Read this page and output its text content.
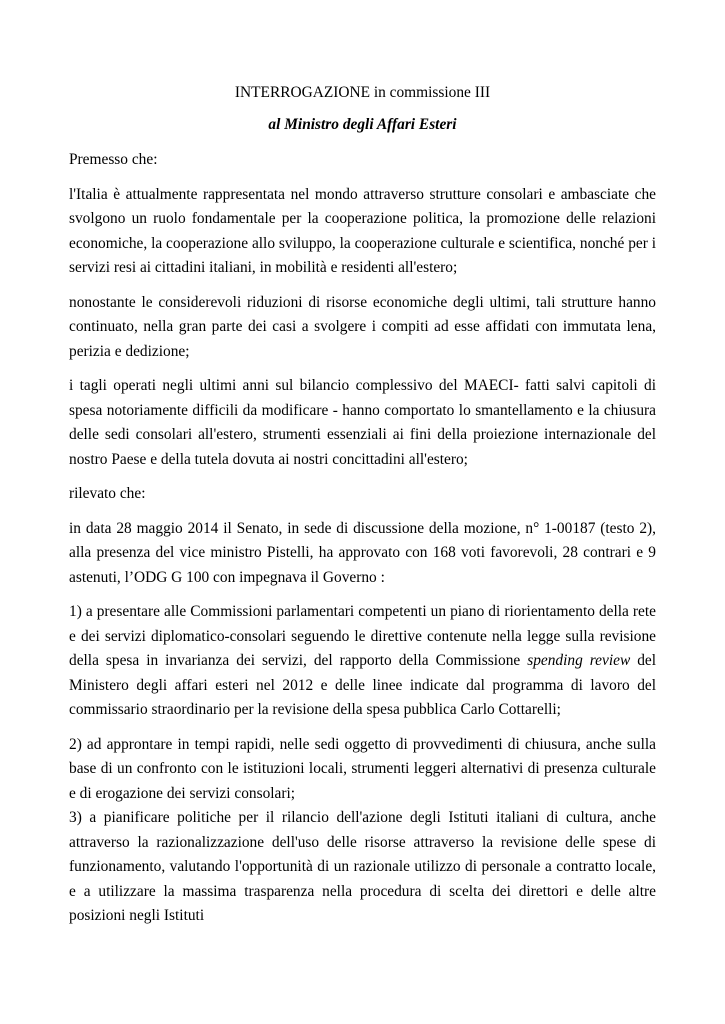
INTERROGAZIONE in commissione III

al Ministro degli Affari Esteri

Premesso che:

l'Italia è attualmente rappresentata nel mondo attraverso strutture consolari e ambasciate che svolgono un ruolo fondamentale per la cooperazione politica, la promozione delle relazioni economiche, la cooperazione allo sviluppo, la cooperazione culturale e scientifica, nonché per i servizi resi ai cittadini italiani, in mobilità e residenti all'estero;

nonostante le considerevoli riduzioni di risorse economiche degli ultimi, tali strutture hanno continuato, nella gran parte dei casi a svolgere i compiti ad esse affidati con immutata lena, perizia e dedizione;

i tagli operati negli ultimi anni sul bilancio complessivo del MAECI- fatti salvi capitoli di spesa notoriamente difficili da modificare - hanno comportato lo smantellamento e la chiusura delle sedi consolari all'estero, strumenti essenziali ai fini della proiezione internazionale del nostro Paese e della tutela dovuta ai nostri concittadini all'estero;

rilevato che:

in data 28 maggio 2014 il Senato, in sede di discussione della mozione, n° 1-00187 (testo 2), alla presenza del vice ministro Pistelli, ha approvato con 168 voti favorevoli, 28 contrari e 9 astenuti, l’ODG G 100 con impegnava il Governo :

1) a presentare alle Commissioni parlamentari competenti un piano di riorientamento della rete e dei servizi diplomatico-consolari seguendo le direttive contenute nella legge sulla revisione della spesa in invarianza dei servizi, del rapporto della Commissione spending review del Ministero degli affari esteri nel 2012 e delle linee indicate dal programma di lavoro del commissario straordinario per la revisione della spesa pubblica Carlo Cottarelli;

2) ad approntare in tempi rapidi, nelle sedi oggetto di provvedimenti di chiusura, anche sulla base di un confronto con le istituzioni locali, strumenti leggeri alternativi di presenza culturale e di erogazione dei servizi consolari;

3) a pianificare politiche per il rilancio dell'azione degli Istituti italiani di cultura, anche attraverso la razionalizzazione dell'uso delle risorse attraverso la revisione delle spese di funzionamento, valutando l'opportunità di un razionale utilizzo di personale a contratto locale, e a utilizzare la massima trasparenza nella procedura di scelta dei direttori e delle altre posizioni negli Istituti
